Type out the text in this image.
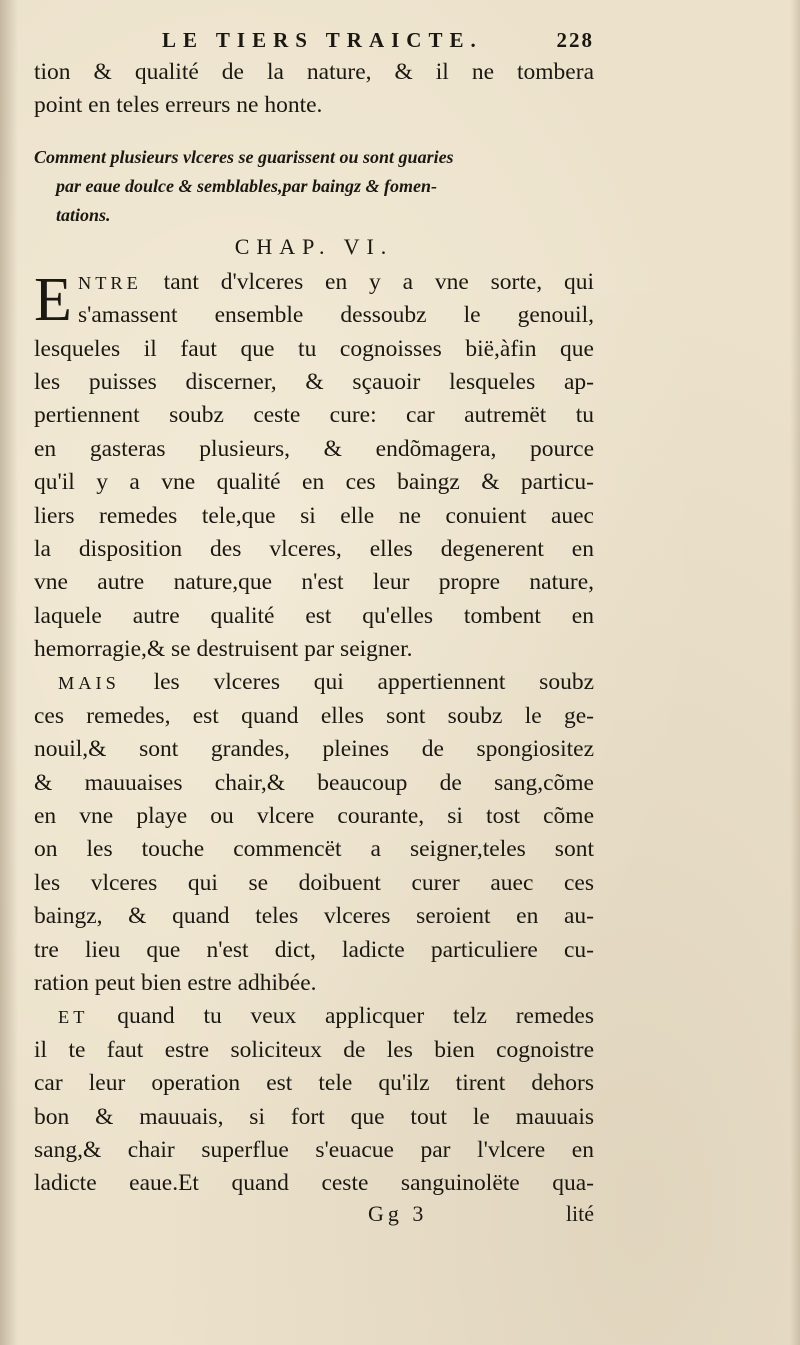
LE TIERS TRAICTE.	228
tion & qualité de la nature, & il ne tombera
point en teles erreurs ne honte.
Comment plusieurs vlceres se guarissent ou sont guaries
par eaue doulce & semblables,par baingz & fomen-
tations.
CHAP. VI.
E NTRE tant d'vlceres en y a vne sorte, qui
s'amassent ensemble dessoubz le genouil,
lesqueles il faut que tu cognoisses bië,àfin que
les puisses discerner, & sçauoir lesqueles ap-
pertiennent soubz ceste cure: car autremët tu
en gasteras plusieurs, & endõmagera, pource
qu'il y a vne qualité en ces baingz & particu-
liers remedes tele,que si elle ne conuient auec
la disposition des vlceres, elles degenerent en
vne autre nature,que n'est leur propre nature,
laquele autre qualité est qu'elles tombent en
hemorragie,& se destruisent par seigner.
MAIS les vlceres qui appertiennent soubz
ces remedes, est quand elles sont soubz le ge-
nouil,& sont grandes, pleines de spongiositez
& mauuaises chair,& beaucoup de sang,cõme
en vne playe ou vlcere courante, si tost cõme
on les touche commencët a seigner,teles sont
les vlceres qui se doibuent curer auec ces
baingz, & quand teles vlceres seroient en au-
tre lieu que n'est dict, ladicte particuliere cu-
ration peut bien estre adhibée.
ET quand tu veux applicquer telz remedes
il te faut estre soliciteux de les bien cognoistre
car leur operation est tele qu'ilz tirent dehors
bon & mauuais, si fort que tout le mauuais
sang,& chair superflue s'euacue par l'vlcere en
ladicte eaue.Et quand ceste sanguinolëte qua-
Gg 3	lité
